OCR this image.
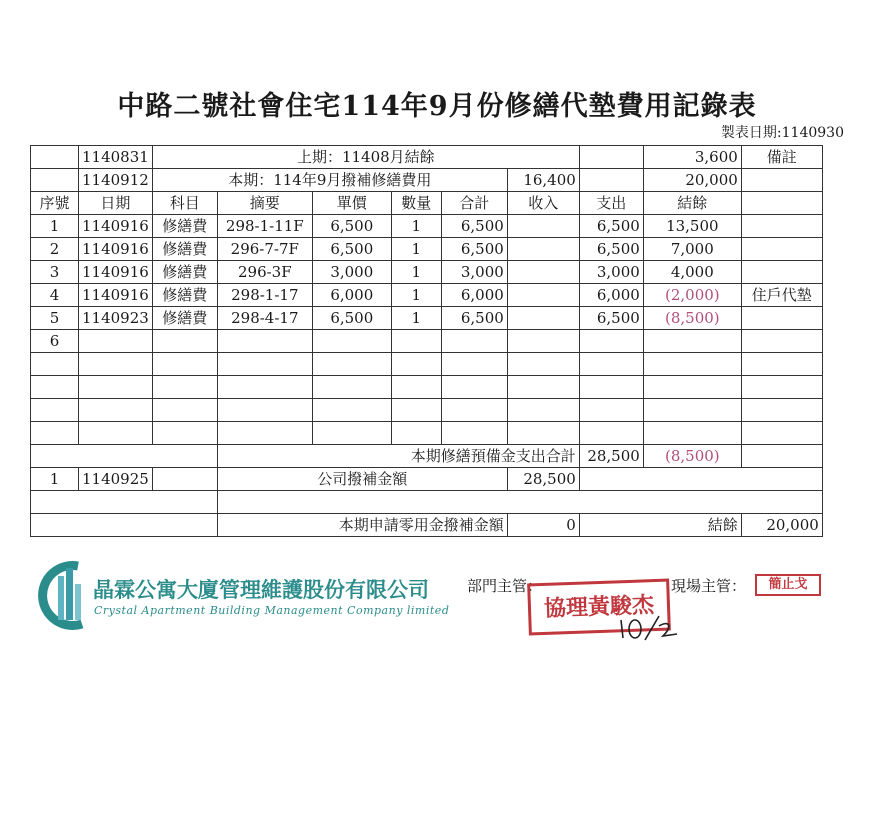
中路二號社會住宅114年9月份修繕代墊費用記錄表
製表日期:1140930
	1140831	上期：11408月結餘							3,600	備註
	1140912	本期：114年9月撥補修繕費用					16,400		20,000	
序號	日期	科目	摘要	單價	數量	合計	收入	支出	結餘	
1	1140916	修繕費	298-1-11F	6,500	1	6,500		6,500	13,500	
2	1140916	修繕費	296-7-7F	6,500	1	6,500		6,500	7,000	
3	1140916	修繕費	296-3F	3,000	1	3,000		3,000	4,000	
4	1140916	修繕費	298-1-17	6,000	1	6,000		6,000	(2,000)	住戶代墊
5	1140923	修繕費	298-4-17	6,500	1	6,500		6,500	(8,500)	
6										

			本期修繕預備金支出合計					28,500	(8,500)	
1	1140925		公司撥補金額				28,500			

			本期申請零用金撥補金額				0	結餘		20,000
晶霖公寓大廈管理維護股份有限公司
Crystal Apartment Building Management Company limited
部門主管：
協理黃駿杰
現場主管：	簡止戈
